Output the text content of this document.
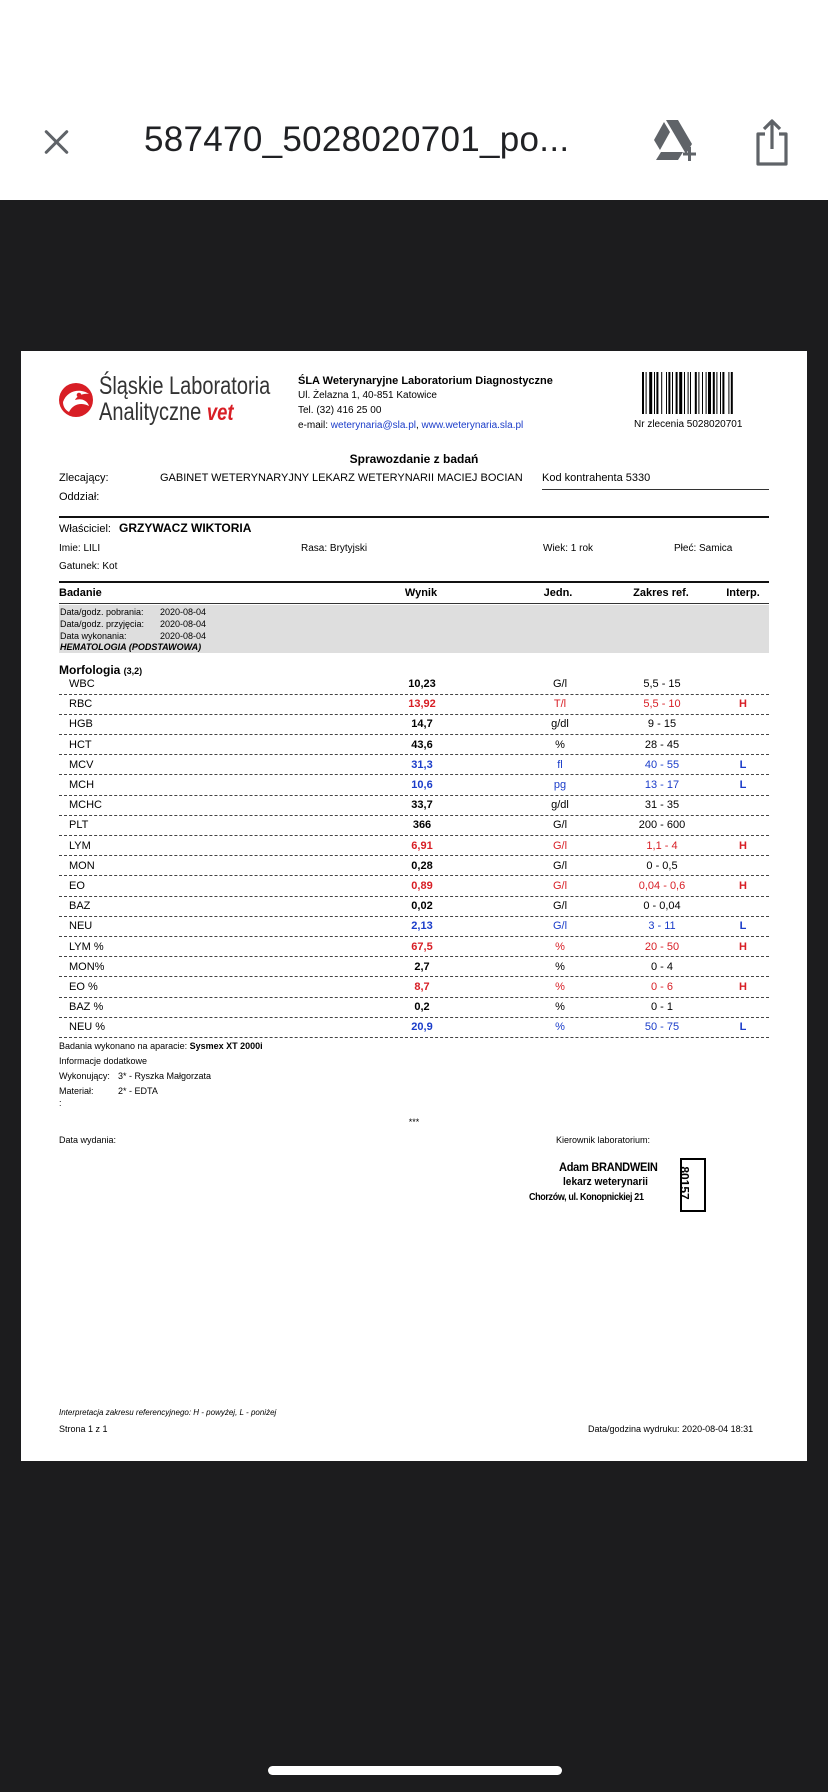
587470_5028020701_po...
Śląskie Laboratoria
Analityczne vet
ŚLA Weterynaryjne Laboratorium Diagnostyczne
Ul. Żelazna 1, 40-851 Katowice
Tel. (32) 416 25 00
e-mail: weterynaria@sla.pl, www.weterynaria.sla.pl	Nr zlecenia 5028020701
Sprawozdanie z badań
Zlecający:	GABINET WETERYNARYJNY LEKARZ WETERYNARII MACIEJ BOCIAN Kod kontrahenta 5330
Oddział:
Właściciel: GRZYWACZ WIKTORIA
Imie: LILI	Rasa: Brytyjski	Wiek: 1 rok	Płeć: Samica
Gatunek: Kot
Badanie	Wynik	Jedn.	Zakres ref.	Interp.
Data/godz. pobrania: 2020-08-04
Data/godz. przyjęcia: 2020-08-04
Data wykonania:	2020-08-04
HEMATOLOGIA (PODSTAWOWA)
Morfologia (3,2)
WBC	10,23	G/l	5,5 - 15
RBC	13,92	T/l	5,5 - 10	H
HGB	14,7	g/dl	9 - 15
HCT	43,6	%	28 - 45
MCV	31,3	fl	40 - 55	L
MCH	10,6	pg	13 - 17	L
MCHC	33,7	g/dl	31 - 35
PLT	366	G/l	200 - 600
LYM	6,91	G/l	1,1 - 4	H
MON	0,28	G/l	0 - 0,5
EO	0,89	G/l	0,04 - 0,6	H
BAZ	0,02	G/l	0 - 0,04
NEU	2,13	G/l	3 - 11	L
LYM %	67,5	%	20 - 50	H
MON%	2,7	%	0 - 4
EO %	8,7	%	0 - 6	H
BAZ %	0,2	%	0 - 1
NEU %	20,9	%	50 - 75	L
Badania wykonano na aparacie: Sysmex XT 2000i
Informacje dodatkowe
Wykonujący: 3* - Ryszka Małgorzata
Materiał:	2* - EDTA
:
***
Data wydania:	Kierownik laboratorium:
Adam BRANDWEIN
lekarz weterynarii
Chorzów, ul. Konopnickiej 21	80157
Interpretacja zakresu referencyjnego: H - powyżej, L - poniżej
Strona 1 z 1	Data/godzina wydruku: 2020-08-04 18:31
